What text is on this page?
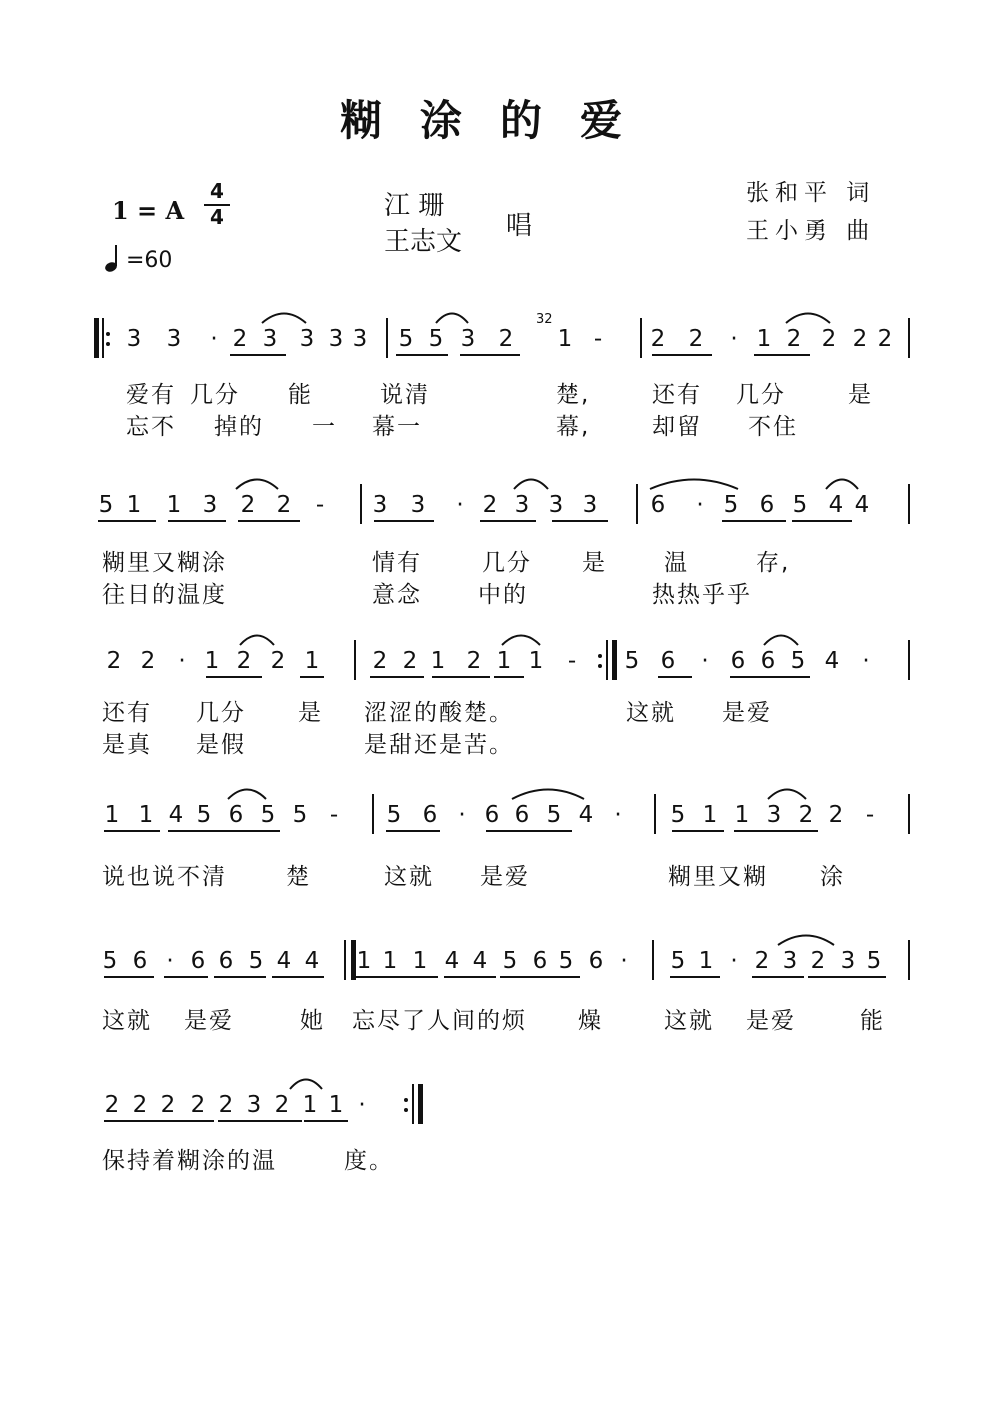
糊涂的爱
1 = A
4
4
=60
江 珊
王志文
唱
张和平 词
王小勇 曲
3 3 · 2 3 3 3 3 5 5 3 2 1 - 2 2 · 1 2 2 2 2
32
爱有 几分 能	说清	楚,	还有 几分	是
忘不 掉的 一 幕一	幕,	却留 不住
5 1 1 3 2 2 - 3 3 · 2 3 3 3 6 · 5 6 5 4 4
糊里又糊涂	情有	几分 是 温	存,
往日的温度	意念 中的	热热乎乎
2 2 · 1 2 2 1 2 2 1 2 1 1 - 5 6 · 6 6 5 4 ·
还有 几分 是 涩涩的酸楚。	这就 是爱
是真 是假	是甜还是苦。
1 1 4 5 6 5 5 - 5 6 · 6 6 5 4 · 5 1 1 3 2 2 -
说也说不清	楚	这就 是爱	糊里又糊 涂
5 6 · 6 6 5 4 4 1 1 1 4 4 5 6 5 6 · 5 1 · 2 3 2 3 5
这就 是爱	她 忘尽了人间的烦 燥	这就 是爱	能
2 2 2 2 2 3 2 1 1 ·
保持着糊涂的温	度。
